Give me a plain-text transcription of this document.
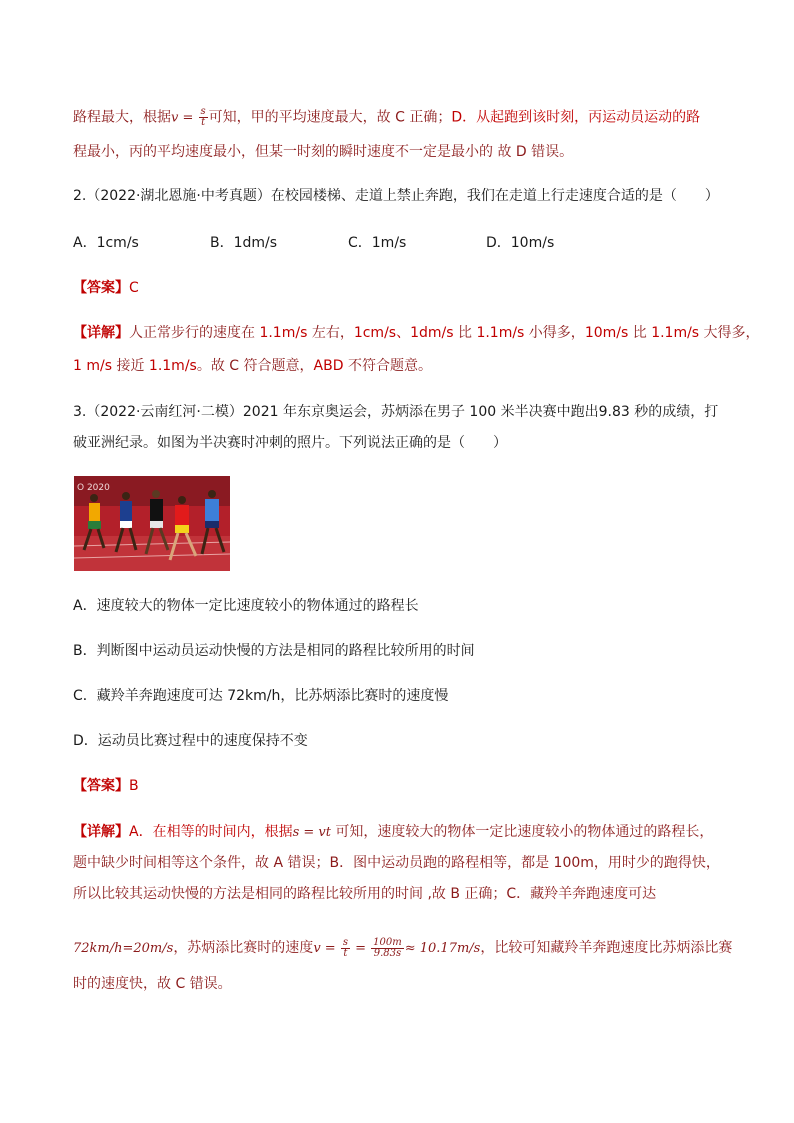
路程最大，根据$v = \frac{s}{t}$ 可知，甲的平均速度最大，故 C 正确；D．从起跑到该时刻，丙运动员运动的路
程最小，丙的平均速度最小，但某一时刻的瞬时速度不一定是最小的 故 D 错误。
2.（2022·湖北恩施·中考真题）在校园楼梯、走道上禁止奔跑，我们在走道上行走速度合适的是（　　）
A．1cm/s	B．1dm/s	C．1m/s	D．10m/s
【答案】C
【详解】人正常步行的速度在 1.1m/s 左右，1cm/s、1dm/s 比 1.1m/s 小得多，10m/s 比 1.1m/s 大得多，
1 m/s 接近 1.1m/s。故 C 符合题意，ABD 不符合题意。
3.（2022·云南红河·二模）2021 年东京奥运会，苏炳添在男子 100 米半决赛中跑出9.83 秒的成绩，打
破亚洲纪录。如图为半决赛时冲刺的照片。下列说法正确的是（　　）
O 2020
A．速度较大的物体一定比速度较小的物体通过的路程长
B．判断图中运动员运动快慢的方法是相同的路程比较所用的时间
C．藏羚羊奔跑速度可达 72km/h，比苏炳添比赛时的速度慢
D．运动员比赛过程中的速度保持不变
【答案】B
【详解】A．在相等的时间内，根据s = vt 可知，速度较大的物体一定比速度较小的物体通过的路程长，
题中缺少时间相等这个条件，故 A 错误；B．图中运动员跑的路程相等，都是 100m，用时少的跑得快，
所以比较其运动快慢的方法是相同的路程比较所用的时间 ,故 B 正确；C．藏羚羊奔跑速度可达
72km/h=20m/s，苏炳添比赛时的速度$v = \frac{s}{t} = \frac{100m}{9.83s} \approx 10.17m/s$，比较可知藏羚羊奔跑速度比苏炳添比赛
时的速度快，故 C 错误。
